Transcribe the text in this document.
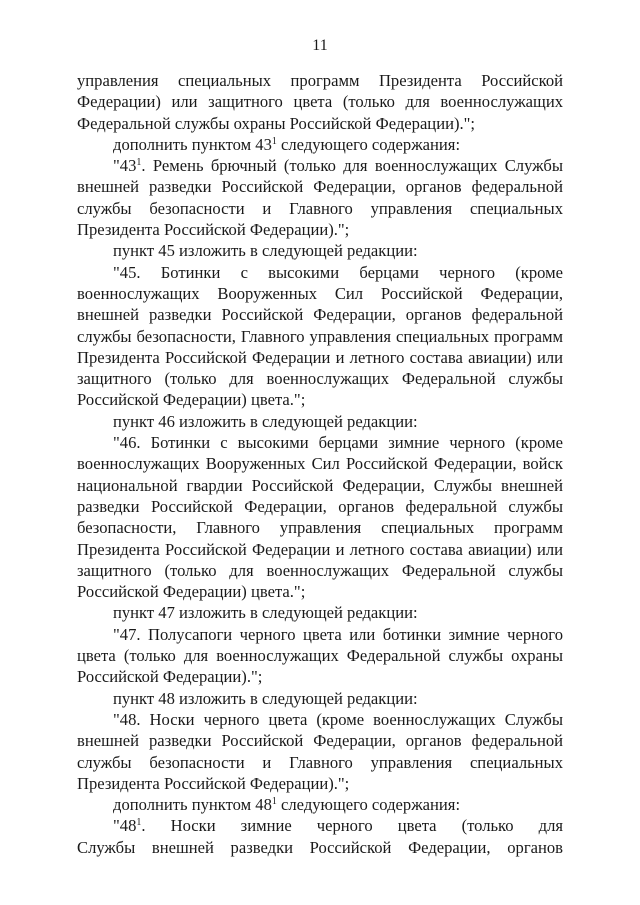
11
управления специальных программ Президента Российской
Федерации) или защитного цвета (только для военнослужащих
Федеральной службы охраны Российской Федерации).";
дополнить пунктом $43^1$ следующего содержания:
"$43^1$. Ремень брючный (только для военнослужащих Службы
внешней разведки Российской Федерации, органов федеральной
службы безопасности и Главного управления специальных
Президента Российской Федерации).";
пункт 45 изложить в следующей редакции:
"45. Ботинки с высокими берцами черного (кроме
военнослужащих Вооруженных Сил Российской Федерации,
внешней разведки Российской Федерации, органов федеральной
службы безопасности, Главного управления специальных программ
Президента Российской Федерации и летного состава авиации) или
защитного (только для военнослужащих Федеральной службы
Российской Федерации) цвета.";
пункт 46 изложить в следующей редакции:
"46. Ботинки с высокими берцами зимние черного (кроме
военнослужащих Вооруженных Сил Российской Федерации, войск
национальной гвардии Российской Федерации, Службы внешней
разведки Российской Федерации, органов федеральной службы
безопасности, Главного управления специальных программ
Президента Российской Федерации и летного состава авиации) или
защитного (только для военнослужащих Федеральной службы
Российской Федерации) цвета.";
пункт 47 изложить в следующей редакции:
"47. Полусапоги черного цвета или ботинки зимние черного
цвета (только для военнослужащих Федеральной службы охраны
Российской Федерации).";
пункт 48 изложить в следующей редакции:
"48. Носки черного цвета (кроме военнослужащих Службы
внешней разведки Российской Федерации, органов федеральной
службы безопасности и Главного управления специальных
Президента Российской Федерации).";
дополнить пунктом $48^1$ следующего содержания:
"$48^1$. Носки зимние черного цвета (только для
Службы внешней разведки Российской Федерации, органов
